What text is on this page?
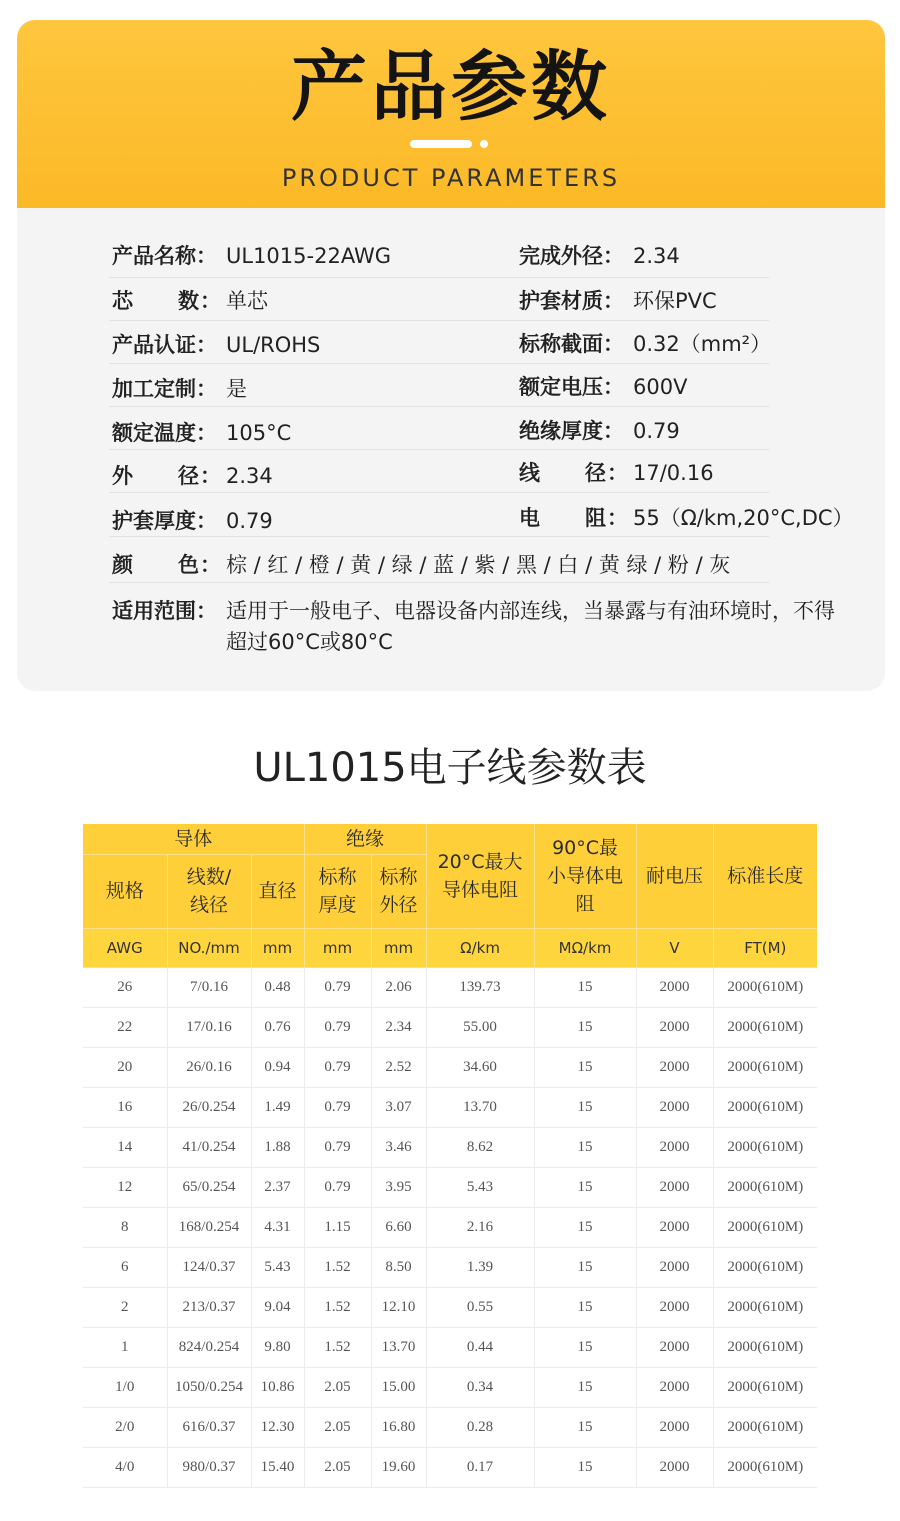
产品参数
PRODUCT PARAMETERS
产品名称： UL1015-22AWG
芯　　数： 单芯
产品认证： UL/ROHS
加工定制： 是
额定温度： 105°C
外　　径： 2.34
护套厚度： 0.79
完成外径： 2.34
护套材质： 环保PVC
标称截面： 0.32（mm²）
额定电压： 600V
绝缘厚度： 0.79
线　　径： 17/0.16
电　　阻： 55（Ω/km,20°C,DC）
颜　　色： 棕 / 红 / 橙 / 黄 / 绿 / 蓝 / 紫 / 黑 / 白 / 黄 绿 / 粉 / 灰
适用范围： 适用于一般电子、电器设备内部连线，当暴露与有油环境时，不得超过60°C或80°C
UL1015电子线参数表
导体			绝缘		20°C最大导体电阻	90°C最小导体电阻	耐电压	标准长度
规格	线数/线径	直径	标称厚度	标称外径				
AWG	NO./mm	mm	mm	mm	Ω/km	MΩ/km	V	FT(M)
26	7/0.16	0.48	0.79	2.06	139.73	15	2000	2000(610M)
22	17/0.16	0.76	0.79	2.34	55.00	15	2000	2000(610M)
20	26/0.16	0.94	0.79	2.52	34.60	15	2000	2000(610M)
16	26/0.254	1.49	0.79	3.07	13.70	15	2000	2000(610M)
14	41/0.254	1.88	0.79	3.46	8.62	15	2000	2000(610M)
12	65/0.254	2.37	0.79	3.95	5.43	15	2000	2000(610M)
8	168/0.254	4.31	1.15	6.60	2.16	15	2000	2000(610M)
6	124/0.37	5.43	1.52	8.50	1.39	15	2000	2000(610M)
2	213/0.37	9.04	1.52	12.10	0.55	15	2000	2000(610M)
1	824/0.254	9.80	1.52	13.70	0.44	15	2000	2000(610M)
1/0	1050/0.254	10.86	2.05	15.00	0.34	15	2000	2000(610M)
2/0	616/0.37	12.30	2.05	16.80	0.28	15	2000	2000(610M)
4/0	980/0.37	15.40	2.05	19.60	0.17	15	2000	2000(610M)
